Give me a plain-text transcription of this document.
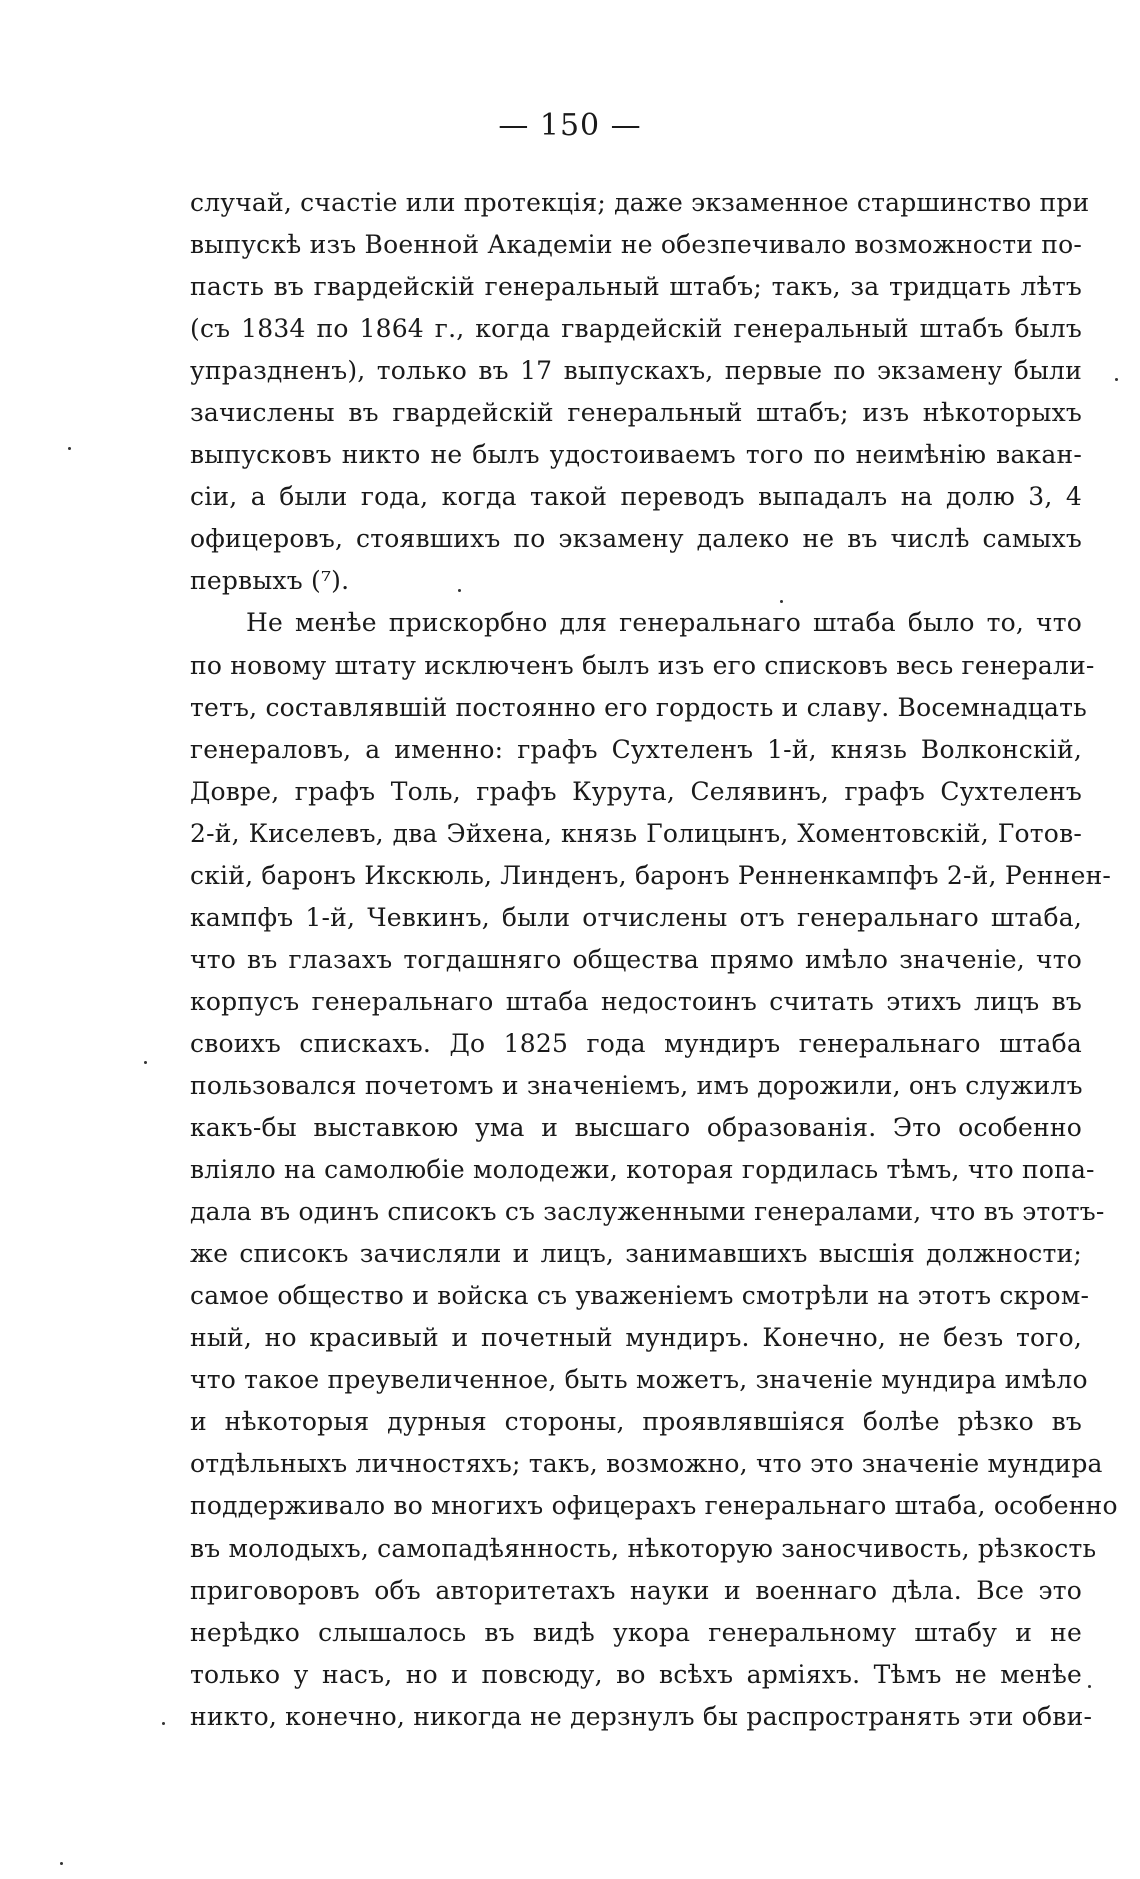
— 150 —
случай, счастіе или протекція; даже экзаменное старшинство при
выпускѣ изъ Военной Академіи не обезпечивало возможности по-
пасть въ гвардейскій генеральный штабъ; такъ, за тридцать лѣтъ
(съ 1834 по 1864 г., когда гвардейскій генеральный штабъ былъ
упраздненъ), только въ 17 выпускахъ, первые по экзамену были
зачислены въ гвардейскій генеральный штабъ; изъ нѣкоторыхъ
выпусковъ никто не былъ удостоиваемъ того по неимѣнію вакан-
сіи, а были года, когда такой переводъ выпадалъ на долю 3, 4
офицеровъ, стоявшихъ по экзамену далеко не въ числѣ самыхъ
первыхъ (⁷).
Не менѣе прискорбно для генеральнаго штаба было то, что
по новому штату исключенъ былъ изъ его списковъ весь генерали-
тетъ, составлявшій постоянно его гордость и славу. Восемнадцать
генераловъ, а именно: графъ Сухтеленъ 1-й, князь Волконскій,
Довре, графъ Толь, графъ Курута, Селявинъ, графъ Сухтеленъ
2-й, Киселевъ, два Эйхена, князь Голицынъ, Хоментовскій, Готов-
скій, баронъ Икскюль, Линденъ, баронъ Ренненкампфъ 2-й, Реннен-
кампфъ 1-й, Чевкинъ, были отчислены отъ генеральнаго штаба,
что въ глазахъ тогдашняго общества прямо имѣло значеніе, что
корпусъ генеральнаго штаба недостоинъ считать этихъ лицъ въ
своихъ спискахъ. До 1825 года мундиръ генеральнаго штаба
пользовался почетомъ и значеніемъ, имъ дорожили, онъ служилъ
какъ-бы выставкою ума и высшаго образованія. Это особенно
вліяло на самолюбіе молодежи, которая гордилась тѣмъ, что попа-
дала въ одинъ списокъ съ заслуженными генералами, что въ этотъ-
же списокъ зачисляли и лицъ, занимавшихъ высшія должности;
самое общество и войска съ уваженіемъ смотрѣли на этотъ скром-
ный, но красивый и почетный мундиръ. Конечно, не безъ того,
что такое преувеличенное, быть можетъ, значеніе мундира имѣло
и нѣкоторыя дурныя стороны, проявлявшіяся болѣе рѣзко въ
отдѣльныхъ личностяхъ; такъ, возможно, что это значеніе мундира
поддерживало во многихъ офицерахъ генеральнаго штаба, особенно
въ молодыхъ, самопадѣянность, нѣкоторую заносчивость, рѣзкость
приговоровъ объ авторитетахъ науки и военнаго дѣла. Все это
нерѣдко слышалось въ видѣ укора генеральному штабу и не
только у насъ, но и повсюду, во всѣхъ арміяхъ. Тѣмъ не менѣе
никто, конечно, никогда не дерзнулъ бы распространять эти обви-
